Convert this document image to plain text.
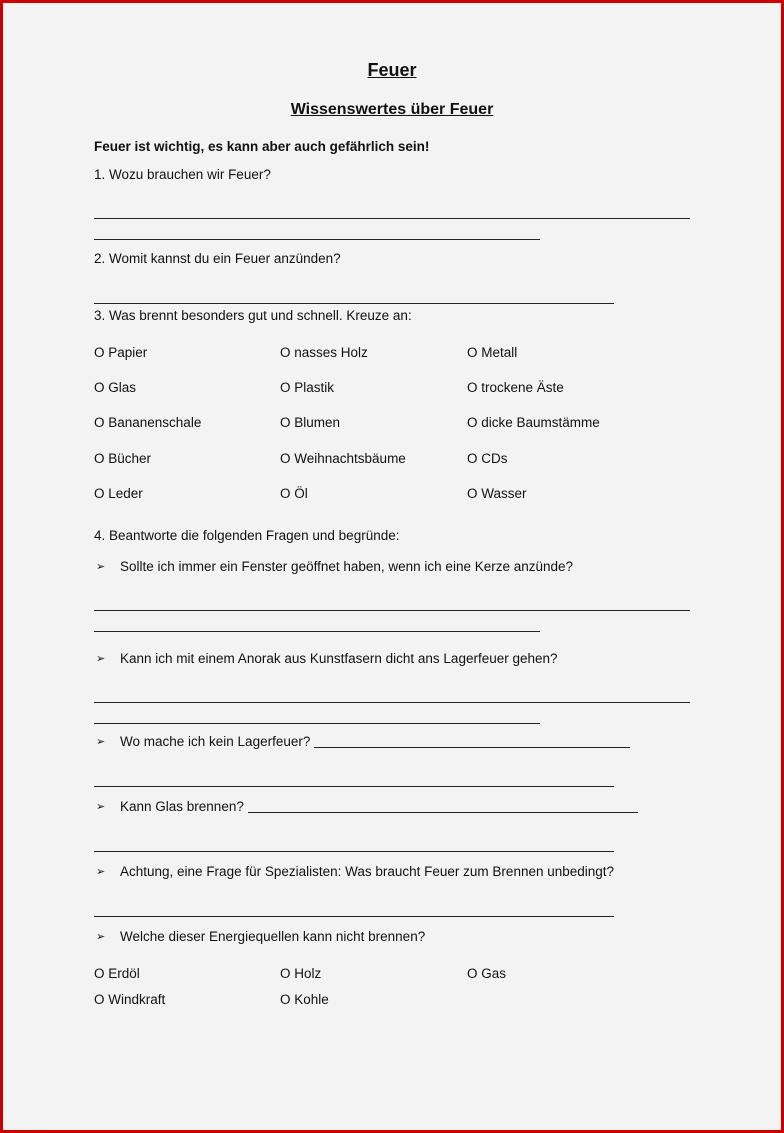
Feuer
Wissenswertes über Feuer
Feuer ist wichtig, es kann aber auch gefährlich sein!
1. Wozu brauchen wir Feuer?
2. Womit kannst du ein Feuer anzünden?
3. Was brennt besonders gut und schnell. Kreuze an:
O Papier	O nasses Holz	O Metall
O Glas	O Plastik	O trockene Äste
O Bananenschale	O Blumen	O dicke Baumstämme
O Bücher	O Weihnachtsbäume	O CDs
O Leder	O Öl	O Wasser
4. Beantworte die folgenden Fragen und begründe:
➢	Sollte ich immer ein Fenster geöffnet haben, wenn ich eine Kerze anzünde?
➢	Kann ich mit einem Anorak aus Kunstfasern dicht ans Lagerfeuer gehen?
➢	Wo mache ich kein Lagerfeuer?
➢	Kann Glas brennen?
➢	Achtung, eine Frage für Spezialisten: Was braucht Feuer zum Brennen unbedingt?
➢	Welche dieser Energiequellen kann nicht brennen?
O Erdöl	O Holz	O Gas
O Windkraft	O Kohle
